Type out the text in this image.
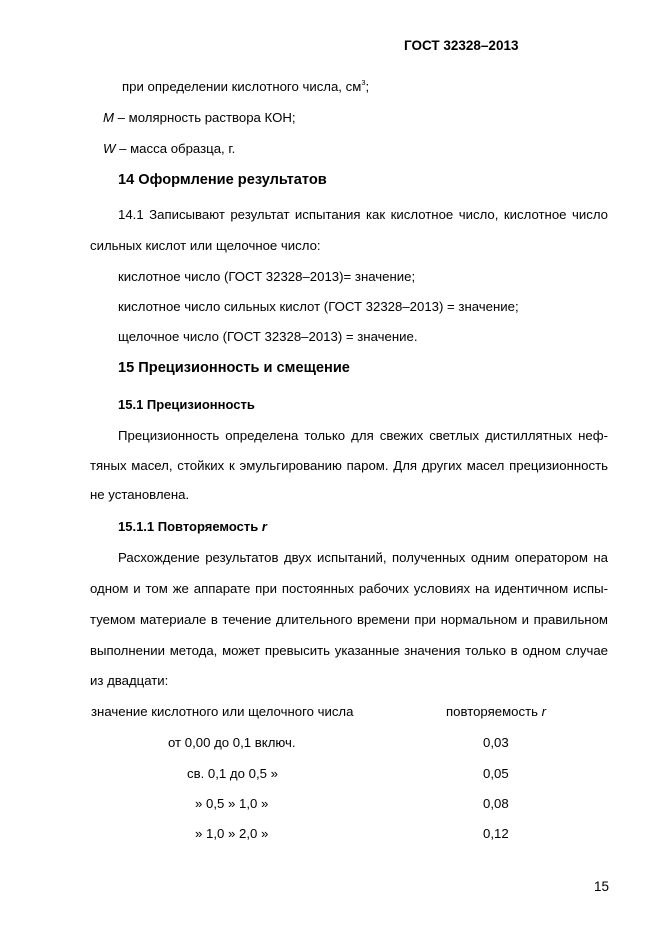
ГОСТ 32328–2013
при определении кислотного числа, $см^3$;
M – молярность раствора КОН;
W – масса образца, г.
14 Оформление результатов
14.1 Записывают результат испытания как кислотное число, кислотное число
сильных кислот или щелочное число:
кислотное число (ГОСТ 32328–2013)= значение;
кислотное число сильных кислот (ГОСТ 32328–2013) = значение;
щелочное число (ГОСТ 32328–2013) = значение.
15 Прецизионность и смещение
15.1 Прецизионность
Прецизионность определена только для свежих светлых дистиллятных неф-
тяных масел, стойких к эмульгированию паром. Для других масел прецизионность
не установлена.
15.1.1 Повторяемость r
Расхождение результатов двух испытаний, полученных одним оператором на
одном и том же аппарате при постоянных рабочих условиях на идентичном испы-
туемом материале в течение длительного времени при нормальном и правильном
выполнении метода, может превысить указанные значения только в одном случае
из двадцати:
значение кислотного или щелочного числа	повторяемость r
от 0,00 до 0,1 включ.	0,03
св. 0,1 до 0,5 »	0,05
» 0,5 » 1,0 »	0,08
» 1,0 » 2,0 »	0,12
15
